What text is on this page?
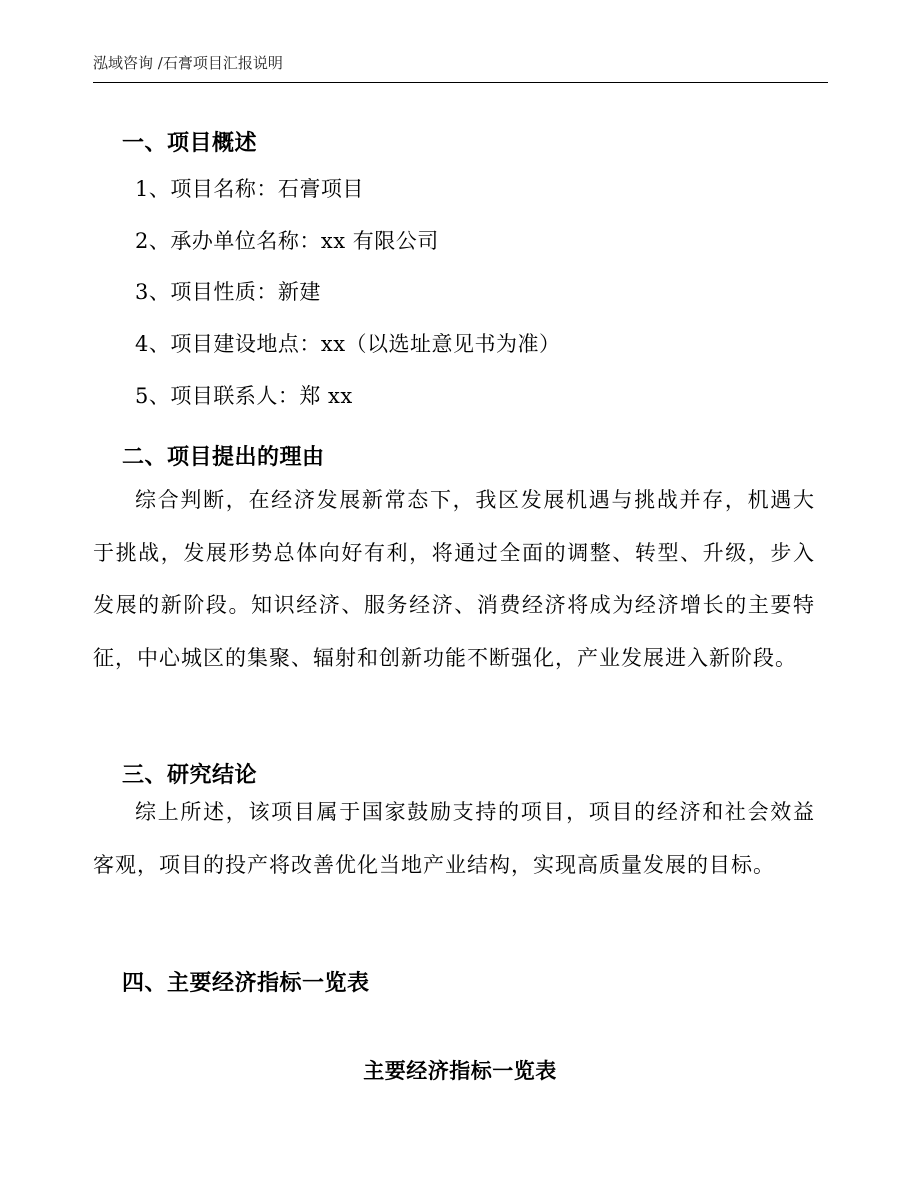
泓域咨询 /石膏项目汇报说明
一、项目概述
1、项目名称：石膏项目
2、承办单位名称：xx 有限公司
3、项目性质：新建
4、项目建设地点：xx（以选址意见书为准）
5、项目联系人：郑 xx
二、项目提出的理由
综合判断，在经济发展新常态下，我区发展机遇与挑战并存，机遇大于挑战，发展形势总体向好有利，将通过全面的调整、转型、升级，步入发展的新阶段。知识经济、服务经济、消费经济将成为经济增长的主要特征，中心城区的集聚、辐射和创新功能不断强化，产业发展进入新阶段。
三、研究结论
综上所述，该项目属于国家鼓励支持的项目，项目的经济和社会效益客观，项目的投产将改善优化当地产业结构，实现高质量发展的目标。
四、主要经济指标一览表
主要经济指标一览表
